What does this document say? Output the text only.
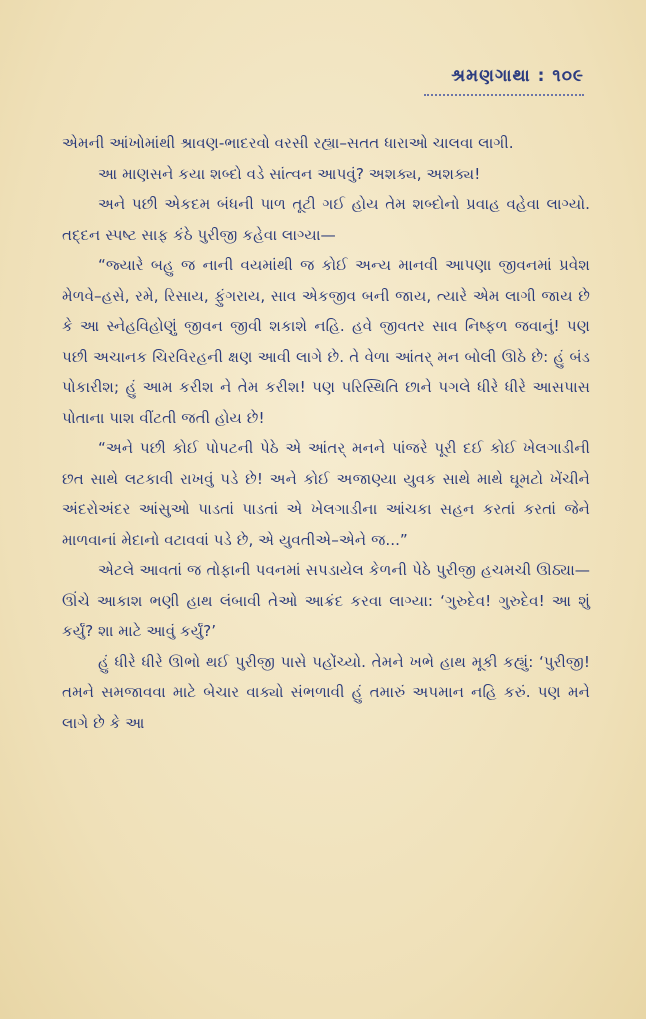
શ્રમણગાથા : ૧૦૯

એમની આંખોમાંથી શ્રાવણ-ભાદરવો વરસી રહ્યા–સતત ધારાઓ ચાલવા લાગી.

આ માણસને કયા શબ્દો વડે સાંત્વન આપવું? અશક્ય, અશક્ય!

અને પછી એકદમ બંધની પાળ તૂટી ગઈ હોય તેમ શબ્દોનો પ્રવાહ વહેવા લાગ્યો. તદ્દન સ્પષ્ટ સાફ કંઠે પુરીજી કહેવા લાગ્યા—

“જ્યારે બહુ જ નાની વયમાંથી જ કોઈ અન્ય માનવી આપણા જીવનમાં પ્રવેશ મેળવે–હસે, રમે, રિસાય, ફુંગરાય, સાવ એકજીવ બની જાય, ત્યારે એમ લાગી જાય છે કે આ સ્નેહવિહોણું જીવન જીવી શકાશે નહિ. હવે જીવતર સાવ નિષ્ફળ જવાનું! પણ પછી અચાનક ચિરવિરહની ક્ષણ આવી લાગે છે. તે વેળા આંતર્ મન બોલી ઊઠે છે: હું બંડ પોકારીશ; હું આમ કરીશ ને તેમ કરીશ! પણ પરિસ્થિતિ છાને પગલે ધીરે ધીરે આસપાસ પોતાના પાશ વીંટતી જતી હોય છે!

“અને પછી કોઈ પોપટની પેઠે એ આંતર્ મનને પાંજરે પૂરી દઈ કોઈ ખેલગાડીની છત સાથે લટકાવી રાખવું પડે છે! અને કોઈ અજાણ્યા યુવક સાથે માથે ઘૂમટો ખેંચીને અંદરોઅંદર આંસુઓ પાડતાં પાડતાં એ ખેલગાડીના આંચકા સહન કરતાં કરતાં જેને માળવાનાં મેદાનો વટાવવાં પડે છે, એ યુવતીએ–એને જ...”

એટલે આવતાં જ તોફાની પવનમાં સપડાયેલ કેળની પેઠે પુરીજી હચમચી ઊઠ્યા—ઊંચે આકાશ ભણી હાથ લંબાવી તેઓ આક્રંદ કરવા લાગ્યા: ‘ગુરુદેવ! ગુરુદેવ! આ શું કર્યું? શા માટે આવું કર્યું?’

હું ધીરે ધીરે ઊભો થઈ પુરીજી પાસે પહોંચ્યો. તેમને ખભે હાથ મૂકી કહ્યું: ‘પુરીજી! તમને સમજાવવા માટે બેચાર વાક્યો સંભળાવી હું તમારું અપમાન નહિ કરું. પણ મને લાગે છે કે આ
